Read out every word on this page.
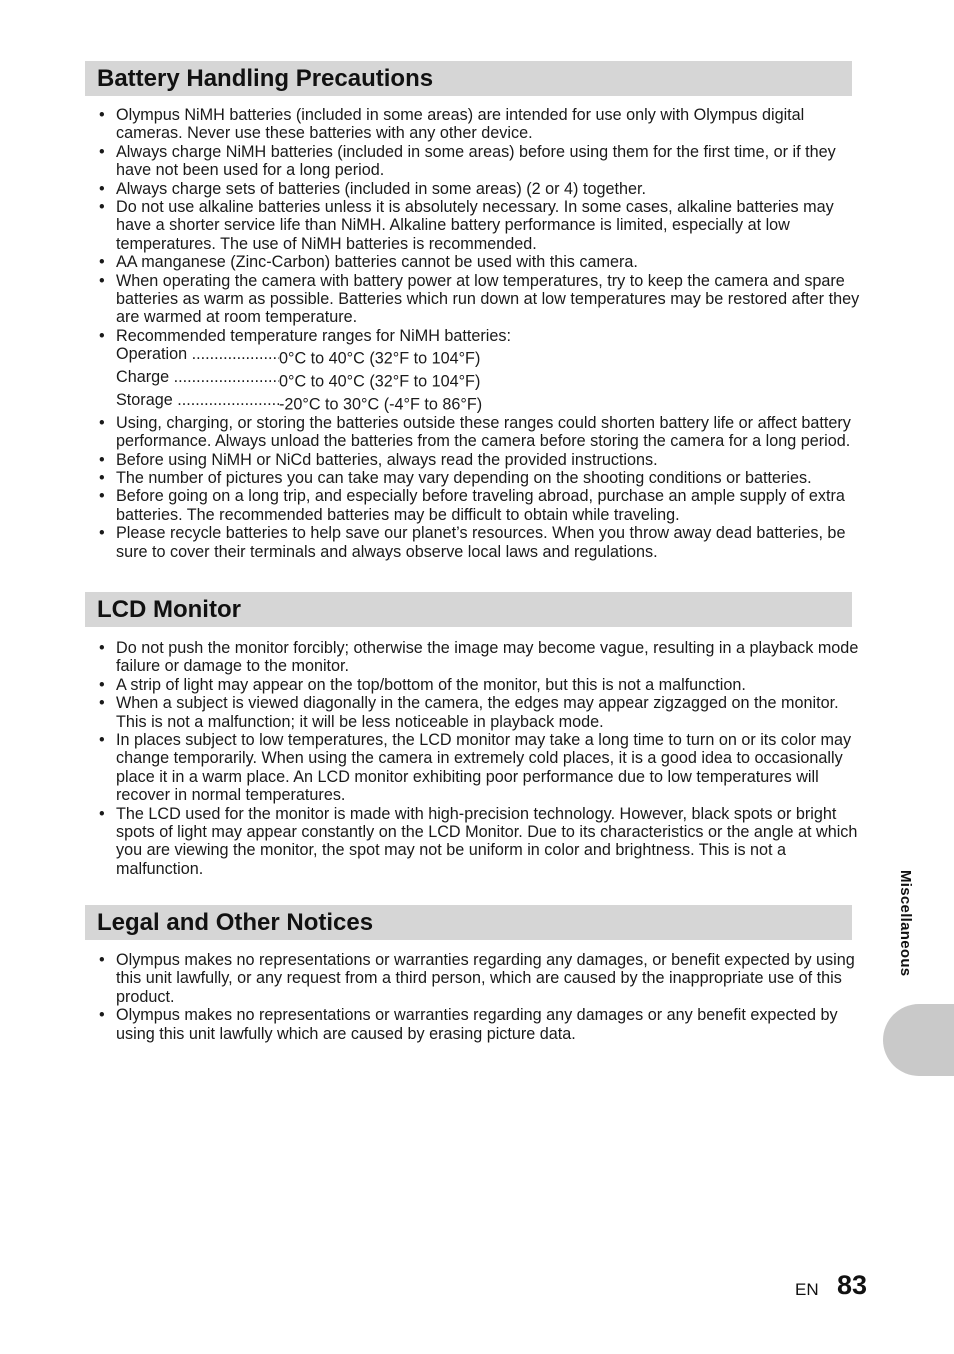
Battery Handling Precautions
• Olympus NiMH batteries (included in some areas) are intended for use only with Olympus digital cameras. Never use these batteries with any other device.
• Always charge NiMH batteries (included in some areas) before using them for the first time, or if they have not been used for a long period.
• Always charge sets of batteries (included in some areas) (2 or 4) together.
• Do not use alkaline batteries unless it is absolutely necessary. In some cases, alkaline batteries may have a shorter service life than NiMH. Alkaline battery performance is limited, especially at low temperatures. The use of NiMH batteries is recommended.
• AA manganese (Zinc-Carbon) batteries cannot be used with this camera.
• When operating the camera with battery power at low temperatures, try to keep the camera and spare batteries as warm as possible. Batteries which run down at low temperatures may be restored after they are warmed at room temperature.
• Recommended temperature ranges for NiMH batteries:
Operation .....	0°C to 40°C (32°F to 104°F)
Charge .....	0°C to 40°C (32°F to 104°F)
Storage .....	-20°C to 30°C (-4°F to 86°F)
• Using, charging, or storing the batteries outside these ranges could shorten battery life or affect battery performance. Always unload the batteries from the camera before storing the camera for a long period.
• Before using NiMH or NiCd batteries, always read the provided instructions.
• The number of pictures you can take may vary depending on the shooting conditions or batteries.
• Before going on a long trip, and especially before traveling abroad, purchase an ample supply of extra batteries. The recommended batteries may be difficult to obtain while traveling.
• Please recycle batteries to help save our planet’s resources. When you throw away dead batteries, be sure to cover their terminals and always observe local laws and regulations.
LCD Monitor
• Do not push the monitor forcibly; otherwise the image may become vague, resulting in a playback mode failure or damage to the monitor.
• A strip of light may appear on the top/bottom of the monitor, but this is not a malfunction.
• When a subject is viewed diagonally in the camera, the edges may appear zigzagged on the monitor. This is not a malfunction; it will be less noticeable in playback mode.
• In places subject to low temperatures, the LCD monitor may take a long time to turn on or its color may change temporarily. When using the camera in extremely cold places, it is a good idea to occasionally place it in a warm place. An LCD monitor exhibiting poor performance due to low temperatures will recover in normal temperatures.
• The LCD used for the monitor is made with high-precision technology. However, black spots or bright spots of light may appear constantly on the LCD Monitor. Due to its characteristics or the angle at which you are viewing the monitor, the spot may not be uniform in color and brightness. This is not a malfunction.
Legal and Other Notices
• Olympus makes no representations or warranties regarding any damages, or benefit expected by using this unit lawfully, or any request from a third person, which are caused by the inappropriate use of this product.
• Olympus makes no representations or warranties regarding any damages or any benefit expected by using this unit lawfully which are caused by erasing picture data.
Miscellaneous
EN 83
